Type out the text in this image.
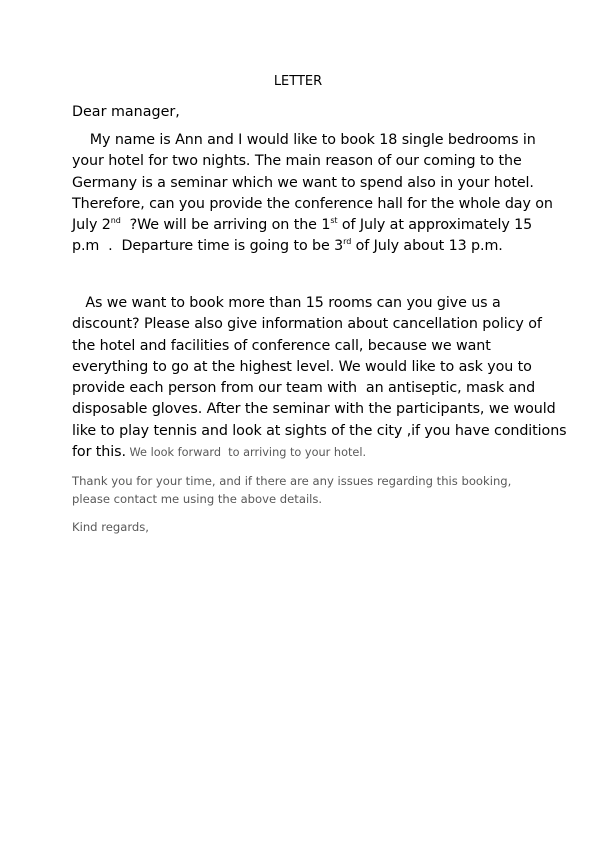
LETTER
Dear manager,
My name is Ann and I would like to book 18 single bedrooms in
your hotel for two nights. The main reason of our coming to the
Germany is a seminar which we want to spend also in your hotel.
Therefore, can you provide the conference hall for the whole day on
July 2nd  ?We will be arriving on the 1st of July at approximately 15
p.m  .  Departure time is going to be 3rd of July about 13 p.m.
As we want to book more than 15 rooms can you give us a
discount? Please also give information about cancellation policy of
the hotel and facilities of conference call, because we want
everything to go at the highest level. We would like to ask you to
provide each person from our team with  an antiseptic, mask and
disposable gloves. After the seminar with the participants, we would
like to play tennis and look at sights of the city ,if you have conditions
for this. We look forward  to arriving to your hotel.
Thank you for your time, and if there are any issues regarding this booking,
please contact me using the above details.
Kind regards,
